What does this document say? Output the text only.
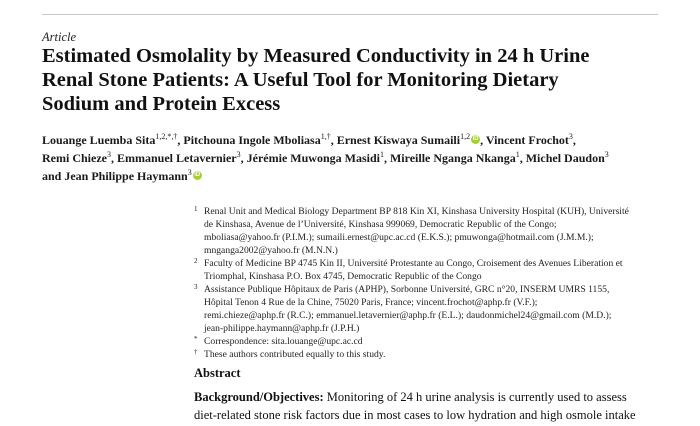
Article
Estimated Osmolality by Measured Conductivity in 24 h Urine
Renal Stone Patients: A Useful Tool for Monitoring Dietary
Sodium and Protein Excess
Louange Luemba Sita$^{1,2,*,\dagger}$, Pitchouna Ingole Mboliasa$^{1,\dagger}$, Ernest Kiswaya Sumaili$^{1,2}$ iD , Vincent Frochot$^3$,
Remi Chieze$^3$, Emmanuel Letavernier$^3$, Jérémie Muwonga Masidi$^1$, Mireille Nganga Nkanga$^1$, Michel Daudon$^3$
and Jean Philippe Haymann$^3$ iD
1 Renal Unit and Medical Biology Department BP 818 Kin XI, Kinshasa University Hospital (KUH), Université
de Kinshasa, Avenue de l’Université, Kinshasa 999069, Democratic Republic of the Congo;
mboliasa@yahoo.fr (P.I.M.); sumaili.ernest@upc.ac.cd (E.K.S.); pmuwonga@hotmail.com (J.M.M.);
mnganga2002@yahoo.fr (M.N.N.)
2 Faculty of Medicine BP 4745 Kin II, Université Protestante au Congo, Croisement des Avenues Liberation et
Triomphal, Kinshasa P.O. Box 4745, Democratic Republic of the Congo
3 Assistance Publique Hôpitaux de Paris (APHP), Sorbonne Université, GRC n°20, INSERM UMRS 1155,
Hôpital Tenon 4 Rue de la Chine, 75020 Paris, France; vincent.frochot@aphp.fr (V.F.);
remi.chieze@aphp.fr (R.C.); emmanuel.letavernier@aphp.fr (E.L.); daudonmichel24@gmail.com (M.D.);
jean-philippe.haymann@aphp.fr (J.P.H.)
* Correspondence: sita.louange@upc.ac.cd
† These authors contributed equally to this study.
Abstract
Background/Objectives: Monitoring of 24 h urine analysis is currently used to assess
diet-related stone risk factors due in most cases to low hydration and high osmole intake
